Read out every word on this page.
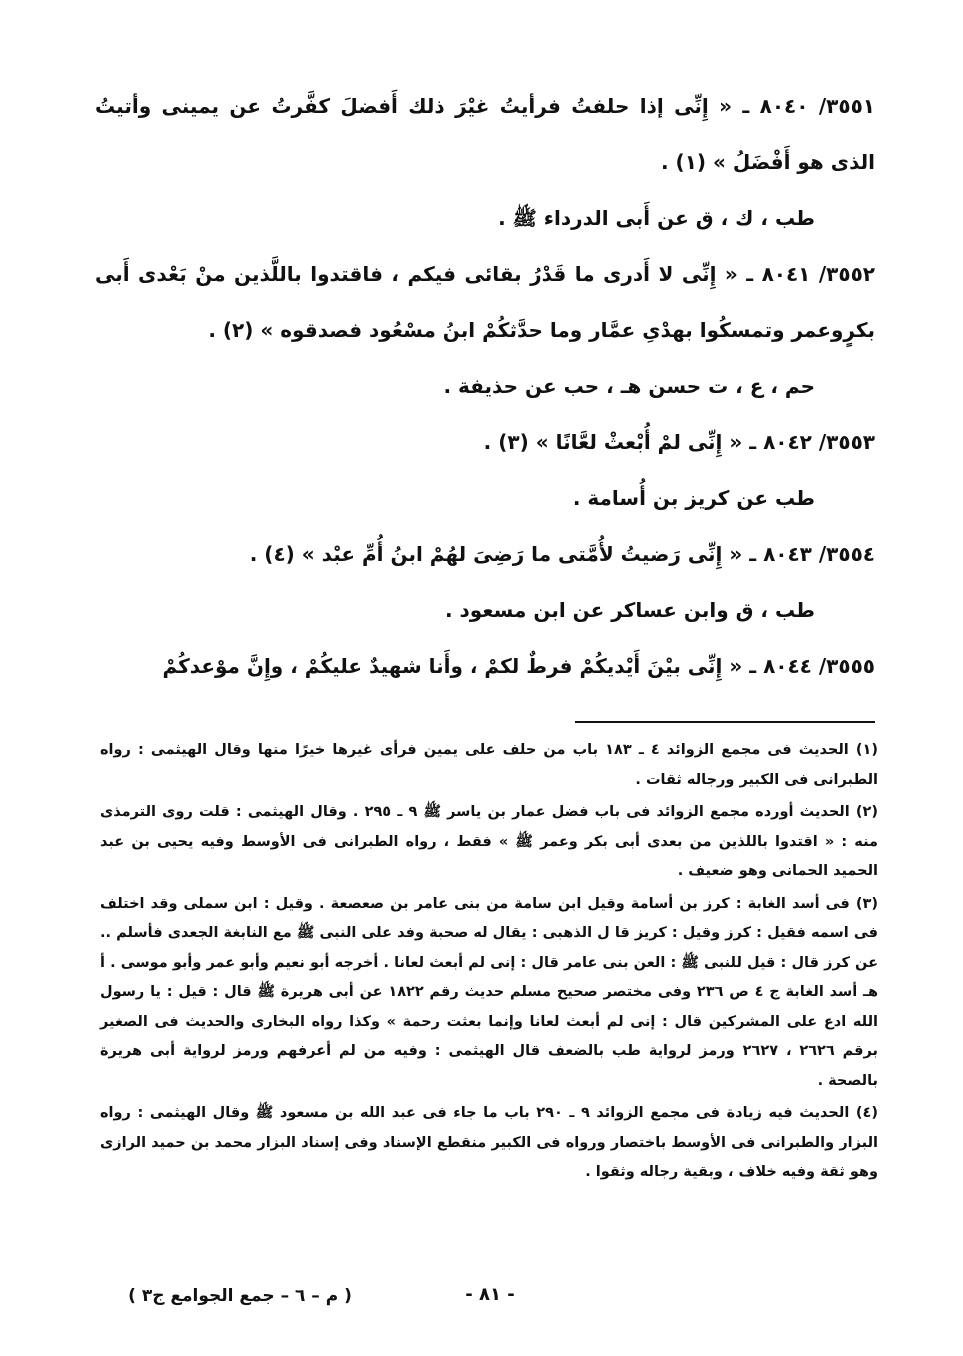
٣٥٥١/ ٨٠٤٠ ـ « إِنِّى إذا حلفتُ فرأيتُ غيْرَ ذلك أَفضلَ كفَّرتُ عن يمينى وأتيتُ الذى هو أَفْضَلُ » (١) .

طب ، ك ، ق عن أَبى الدرداء ﷺ .

٣٥٥٢/ ٨٠٤١ ـ « إِنِّى لا أَدرى ما قَدْرُ بقائى فيكم ، فاقتدوا باللَّذين منْ بَعْدى أَبى بكرٍوعمر وتمسكُوا بهدْىِ عمَّار وما حدَّثكُمْ ابنُ مسْعُود فصدقوه » (٢) .

حم ، ع ، ت حسن هـ ، حب عن حذيفة .

٣٥٥٣/ ٨٠٤٢ ـ « إِنِّى لمْ أُبْعثْ لعَّانًا » (٣) .

طب عن كريز بن أُسامة .

٣٥٥٤/ ٨٠٤٣ ـ « إِنِّى رَضيتُ لأُمَّتى ما رَضِىَ لهُمْ ابنُ أُمِّ عبْد » (٤) .

طب ، ق وابن عساكر عن ابن مسعود .

٣٥٥٥/ ٨٠٤٤ ـ « إِنِّى بيْنَ أَيْديكُمْ فرطٌ لكمْ ، وأَنا شهيدٌ عليكُمْ ، وإِنَّ موْعدكُمْ

(١) الحديث فى مجمع الزوائد ٤ ـ ١٨٣ باب من حلف على يمين فرأى غيرها خيرًا منها وقال الهيثمى : رواه الطبرانى فى الكبير ورجاله ثقات .

(٢) الحديث أورده مجمع الزوائد فى باب فضل عمار بن ياسر ﷺ ٩ ـ ٢٩٥ . وقال الهيثمى : قلت روى الترمذى منه : « اقتدوا باللذين من بعدى أبى بكر وعمر ﷺ » فقط ، رواه الطبرانى فى الأوسط وفيه يحيى بن عبد الحميد الحمانى وهو ضعيف .

(٣) فى أسد الغابة : كرز بن أسامة وقيل ابن سامة من بنى عامر بن صعصعة . وقيل : ابن سملى وقد اختلف فى اسمه فقيل : كرز وقيل : كريز قا ل الذهبى : يقال له صحبة وفد على النبى ﷺ مع النابغة الجعدى فأسلم .. عن كرز قال : قيل للنبى ﷺ : العن بنى عامر قال : إنى لم أبعث لعانا . أخرجه أبو نعيم وأبو عمر وأبو موسى . أ هـ أسد الغابة ج ٤ ص ٢٣٦ وفى مختصر صحيح مسلم حديث رقم ١٨٢٢ عن أبى هريرة ﷺ قال : قيل : يا رسول الله ادع على المشركين قال : إنى لم أبعث لعانا وإنما بعثت رحمة » وكذا رواه البخارى والحديث فى الصغير برقم ٢٦٢٦ ، ٢٦٢٧ ورمز لرواية طب بالضعف قال الهيثمى : وفيه من لم أعرفهم ورمز لرواية أبى هريرة بالصحة .

(٤) الحديث فيه زيادة فى مجمع الزوائد ٩ ـ ٢٩٠ باب ما جاء فى عبد الله بن مسعود ﷺ وقال الهيثمى : رواه البزار والطبرانى فى الأوسط باختصار ورواه فى الكبير منقطع الإسناد وفى إسناد البزار محمد بن حميد الرازى وهو ثقة وفيه خلاف ، وبقية رجاله وثقوا .

- ٨١ -
( م – ٦ – جمع الجوامع ج٣ )
